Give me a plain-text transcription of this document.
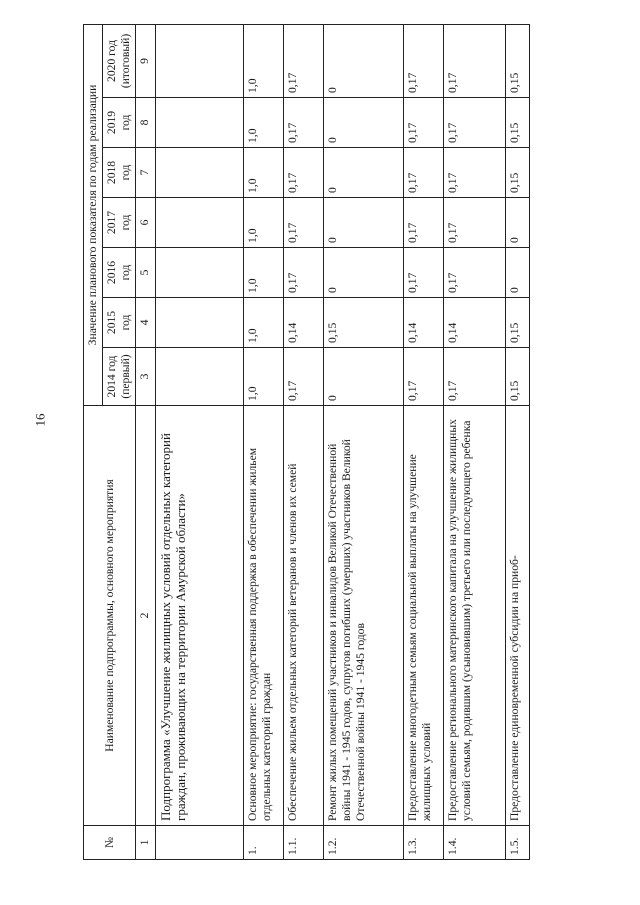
16
№	Наименование подпрограммы, основного мероприятия	Значение планового показателя по годам реализации						
		2014 год (первый)	2015 год	2016 год	2017 год	2018 год	2019 год	2020 год (итоговый)
1	2	3	4	5	6	7	8	9
	Подпрограмма «Улучшение жилищных условий отдельных категорий граждан, проживающих на территории Амурской области»							
1.	Основное мероприятие: государственная поддержка в обеспечении жильем отдельных категорий граждан	1,0	1,0	1,0	1,0	1,0	1,0	1,0
1.1.	Обеспечение жильем отдельных категорий ветеранов и членов их семей	0,17	0,14	0,17	0,17	0,17	0,17	0,17
1.2.	Ремонт жилых помещений участников и инвалидов Великой Отечественной войны 1941 - 1945 годов, супругов погибших (умерших) участников Великой Отечественной войны 1941 - 1945 годов	0	0,15	0	0	0	0	0
1.3.	Предоставление многодетным семьям социальной выплаты на улучшение жилищных условий	0,17	0,14	0,17	0,17	0,17	0,17	0,17
1.4.	Предоставление регионального материнского капитала на улучшение жилищных условий семьям, родившим (усыновившим) третьего или последующего ребенка	0,17	0,14	0,17	0,17	0,17	0,17	0,17
1.5.	Предоставление единовременной субсидии на приоб-	0,15	0,15	0	0	0,15	0,15	0,15
